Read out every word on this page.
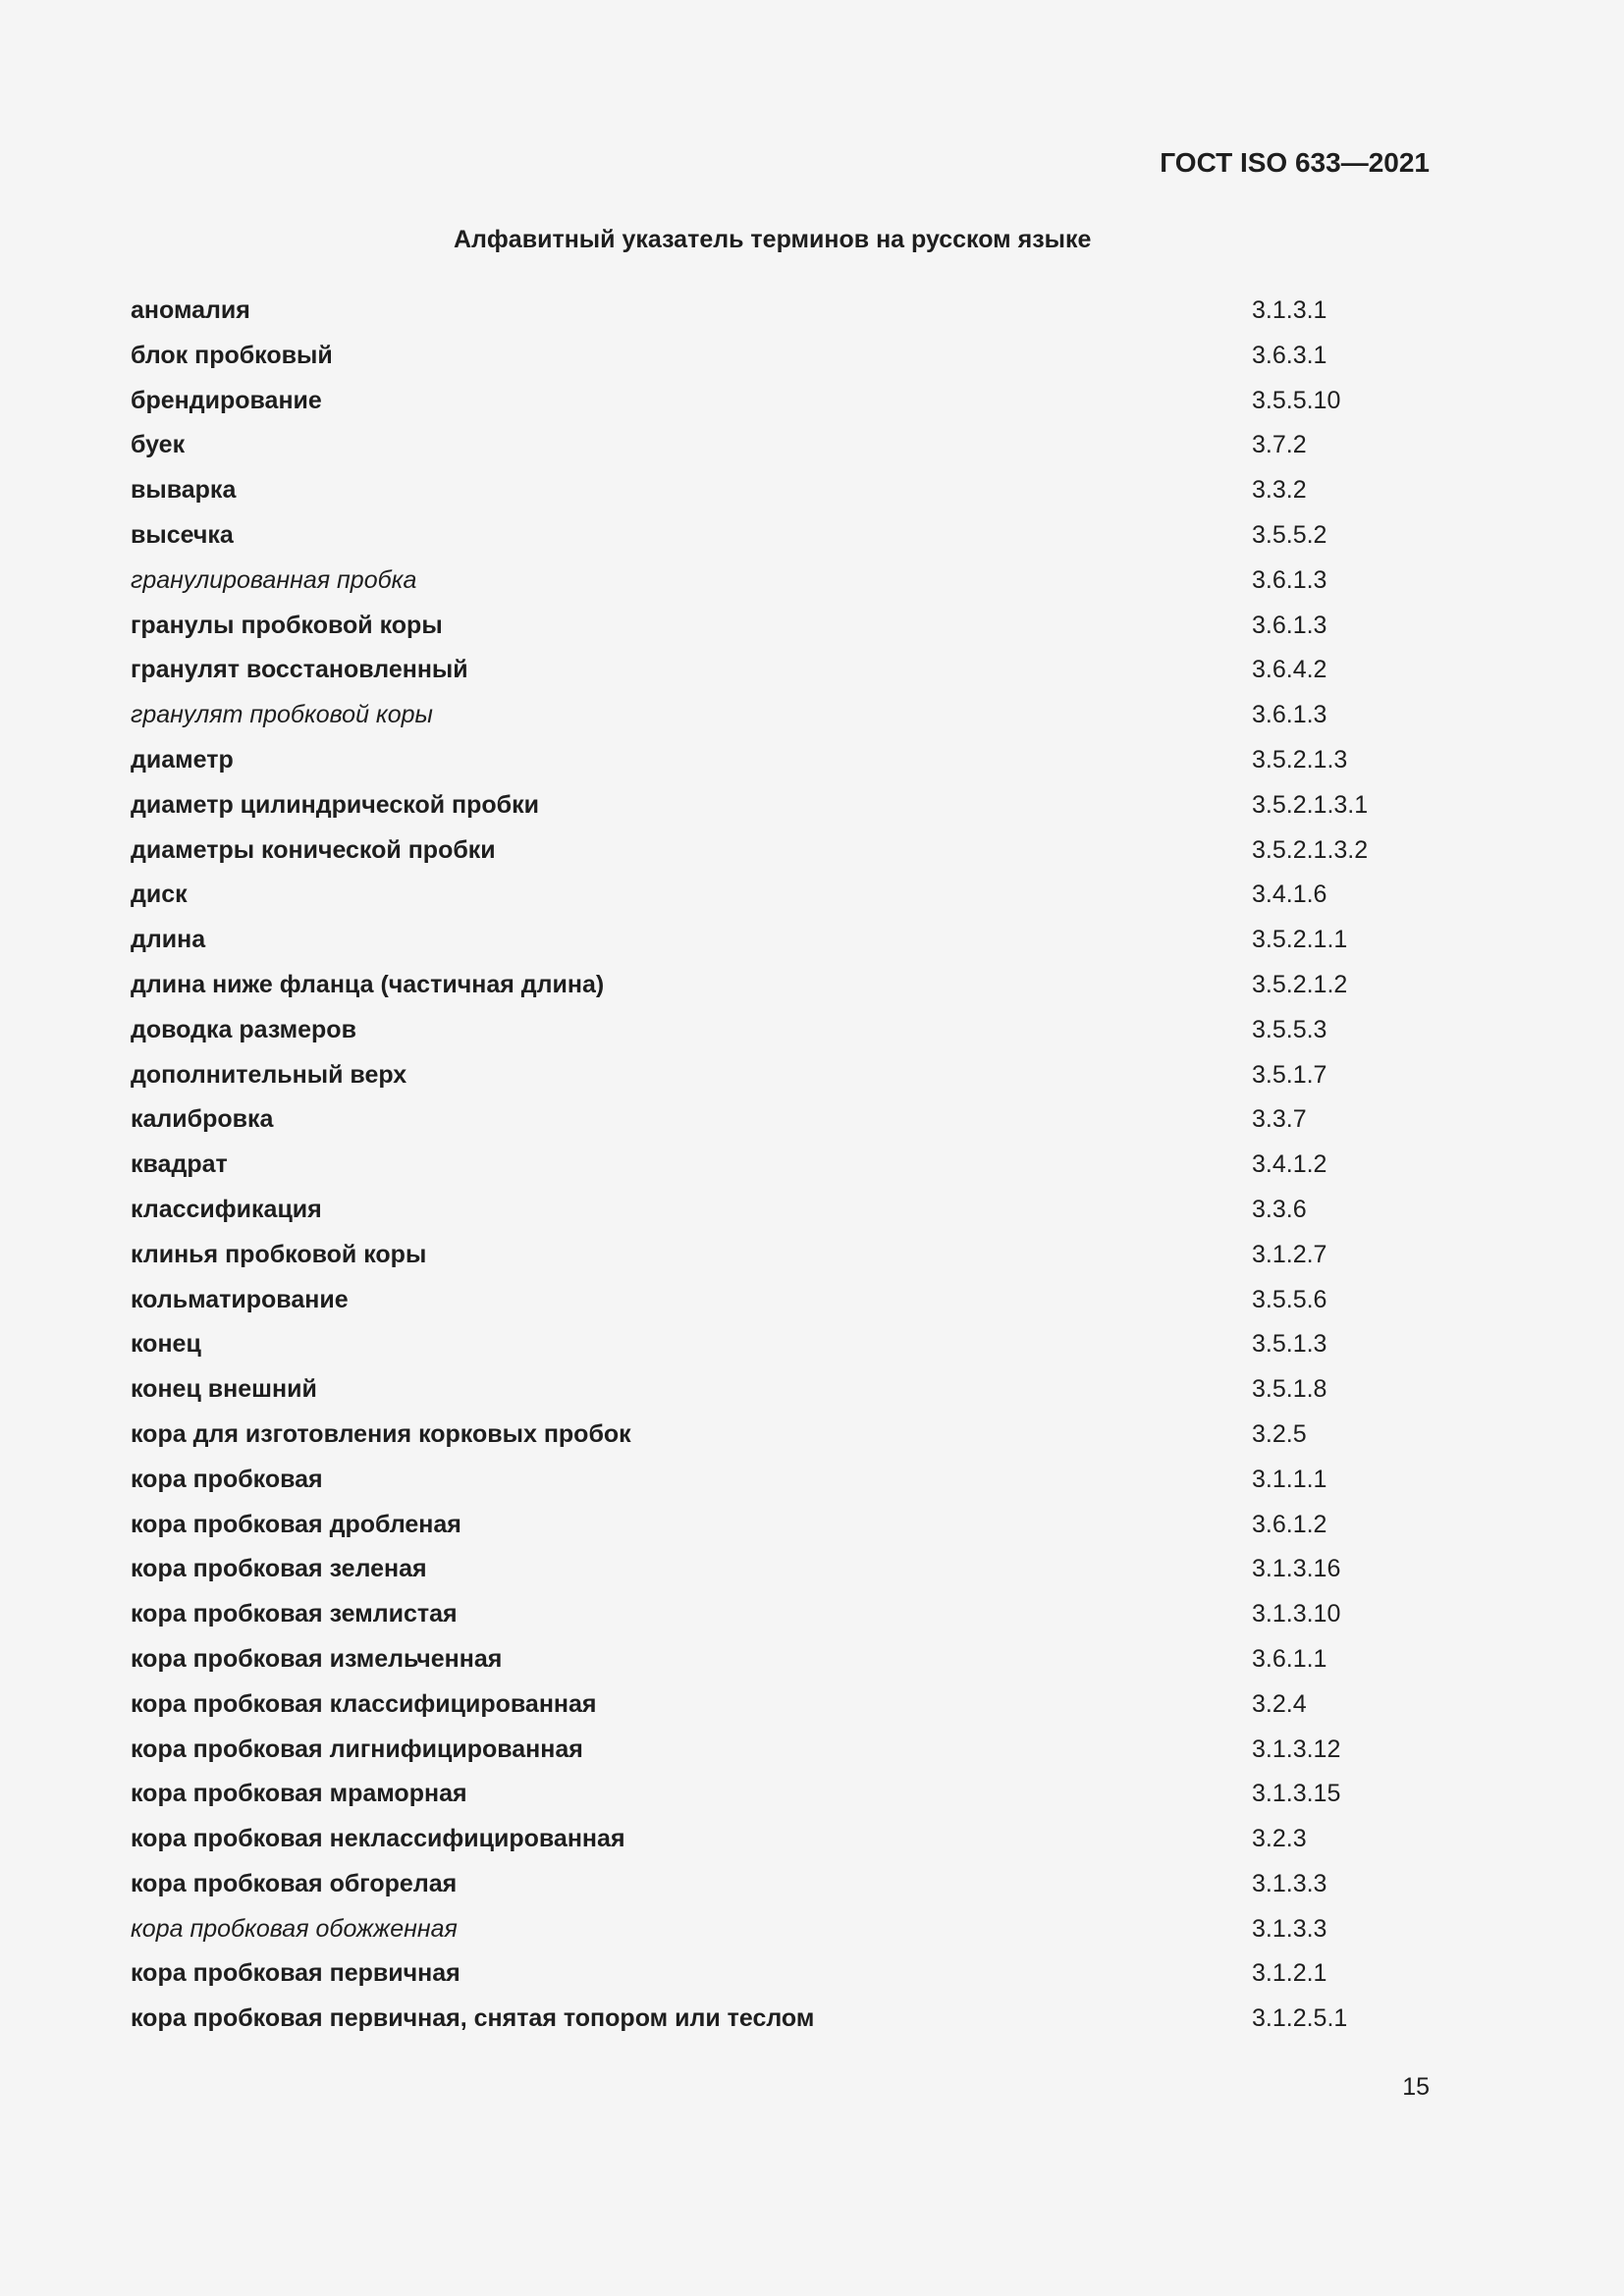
ГОСТ ISO 633—2021
Алфавитный указатель терминов на русском языке
аномалия	3.1.3.1
блок пробковый	3.6.3.1
брендирование	3.5.5.10
буек	3.7.2
выварка	3.3.2
высечка	3.5.5.2
гранулированная пробка	3.6.1.3
гранулы пробковой коры	3.6.1.3
гранулят восстановленный	3.6.4.2
гранулят пробковой коры	3.6.1.3
диаметр	3.5.2.1.3
диаметр цилиндрической пробки	3.5.2.1.3.1
диаметры конической пробки	3.5.2.1.3.2
диск	3.4.1.6
длина	3.5.2.1.1
длина ниже фланца (частичная длина)	3.5.2.1.2
доводка размеров	3.5.5.3
дополнительный верх	3.5.1.7
калибровка	3.3.7
квадрат	3.4.1.2
классификация	3.3.6
клинья пробковой коры	3.1.2.7
кольматирование	3.5.5.6
конец	3.5.1.3
конец внешний	3.5.1.8
кора для изготовления корковых пробок	3.2.5
кора пробковая	3.1.1.1
кора пробковая дробленая	3.6.1.2
кора пробковая зеленая	3.1.3.16
кора пробковая землистая	3.1.3.10
кора пробковая измельченная	3.6.1.1
кора пробковая классифицированная	3.2.4
кора пробковая лигнифицированная	3.1.3.12
кора пробковая мраморная	3.1.3.15
кора пробковая неклассифицированная	3.2.3
кора пробковая обгорелая	3.1.3.3
кора пробковая обожженная	3.1.3.3
кора пробковая первичная	3.1.2.1
кора пробковая первичная, снятая топором или теслом	3.1.2.5.1
15
